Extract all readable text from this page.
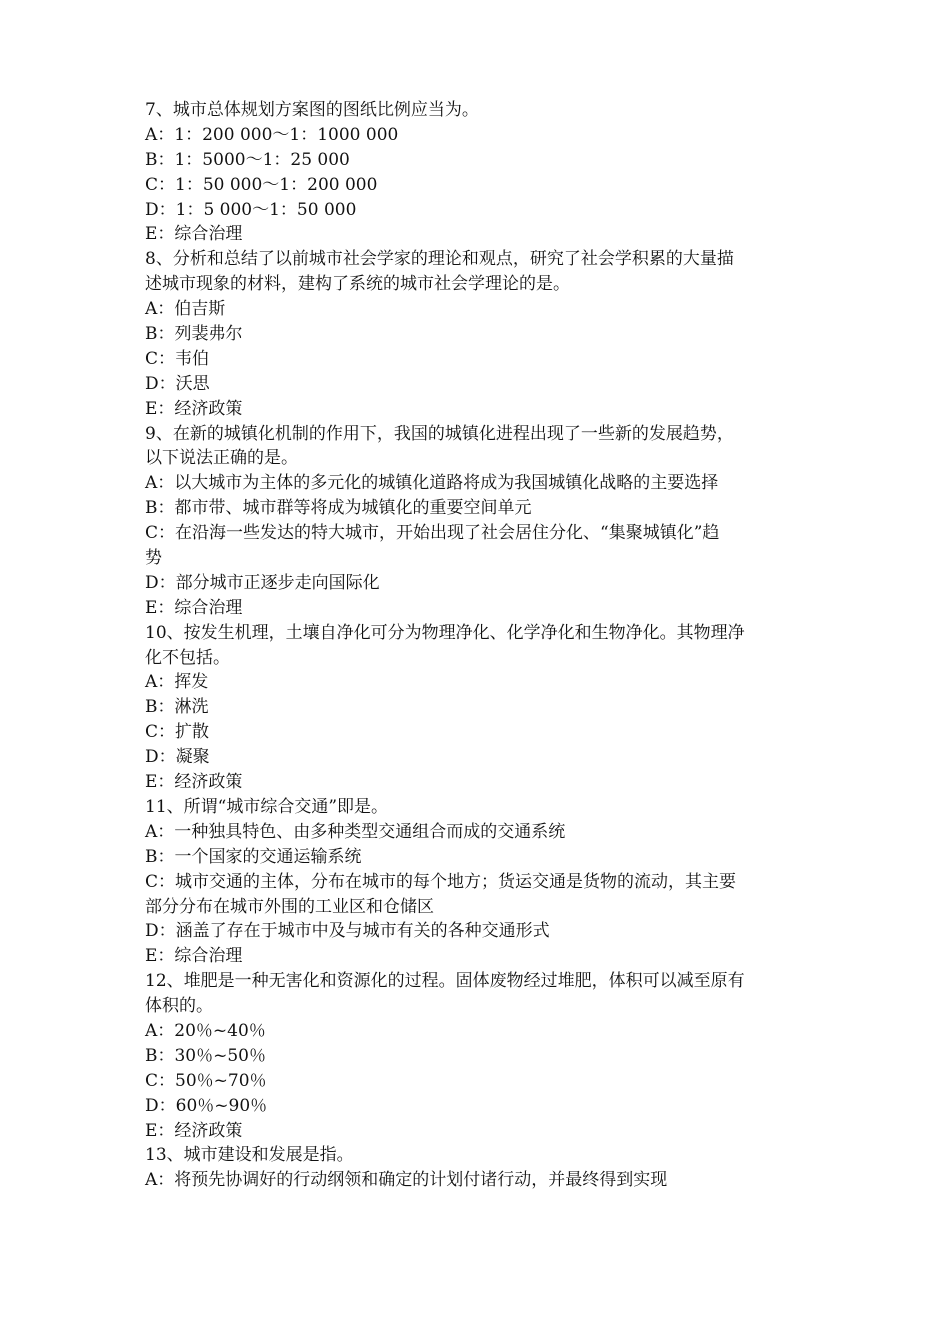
7、城市总体规划方案图的图纸比例应当为。
A：1：200 000～1：1000 000
B：1：5000～1：25 000
C：1：50 000～1：200 000
D：1：5 000～1：50 000
E：综合治理
8、分析和总结了以前城市社会学家的理论和观点，研究了社会学积累的大量描
述城市现象的材料，建构了系统的城市社会学理论的是。
A：伯吉斯
B：列裴弗尔
C：韦伯
D：沃思
E：经济政策
9、在新的城镇化机制的作用下，我国的城镇化进程出现了一些新的发展趋势，
以下说法正确的是。
A：以大城市为主体的多元化的城镇化道路将成为我国城镇化战略的主要选择
B：都市带、城市群等将成为城镇化的重要空间单元
C：在沿海一些发达的特大城市，开始出现了社会居住分化、“集聚城镇化”趋
势
D：部分城市正逐步走向国际化
E：综合治理
10、按发生机理，土壤自净化可分为物理净化、化学净化和生物净化。其物理净
化不包括。
A：挥发
B：淋洗
C：扩散
D：凝聚
E：经济政策
11、所谓“城市综合交通”即是。
A：一种独具特色、由多种类型交通组合而成的交通系统
B：一个国家的交通运输系统
C：城市交通的主体，分布在城市的每个地方；货运交通是货物的流动，其主要
部分分布在城市外围的工业区和仓储区
D：涵盖了存在于城市中及与城市有关的各种交通形式
E：综合治理
12、堆肥是一种无害化和资源化的过程。固体废物经过堆肥，体积可以减至原有
体积的。
A：20％~40％
B：30％~50％
C：50％~70％
D：60％~90％
E：经济政策
13、城市建设和发展是指。
A：将预先协调好的行动纲领和确定的计划付诸行动，并最终得到实现
